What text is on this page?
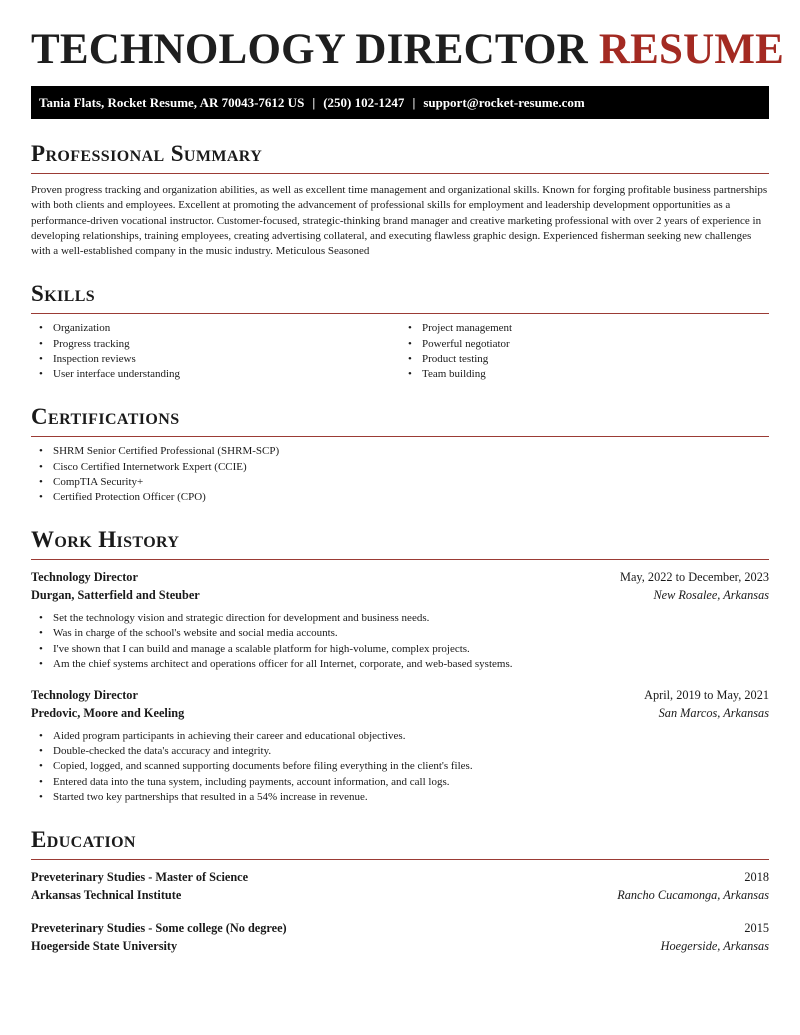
TECHNOLOGY DIRECTOR RESUME
Tania Flats, Rocket Resume, AR 70043-7612 US | (250) 102-1247 | support@rocket-resume.com
Professional Summary

Proven progress tracking and organization abilities, as well as excellent time management and organizational skills. Known for forging profitable business partnerships with both clients and employees. Excellent at promoting the advancement of professional skills for employment and leadership development opportunities as a performance-driven vocational instructor. Customer-focused, strategic-thinking brand manager and creative marketing professional with over 2 years of experience in developing relationships, training employees, creating advertising collateral, and executing flawless graphic design. Experienced fisherman seeking new challenges with a well-established company in the music industry. Meticulous Seasoned

Skills
• Organization
• Progress tracking
• Inspection reviews
• User interface understanding
• Project management
• Powerful negotiator
• Product testing
• Team building
Certifications
• SHRM Senior Certified Professional (SHRM-SCP)
• Cisco Certified Internetwork Expert (CCIE)
• CompTIA Security+
• Certified Protection Officer (CPO)
Work History
Technology Director	May, 2022 to December, 2023
Durgan, Satterfield and Steuber	New Rosalee, Arkansas
• Set the technology vision and strategic direction for development and business needs.
• Was in charge of the school's website and social media accounts.
• I've shown that I can build and manage a scalable platform for high-volume, complex projects.
• Am the chief systems architect and operations officer for all Internet, corporate, and web-based systems.
Technology Director	April, 2019 to May, 2021
Predovic, Moore and Keeling	San Marcos, Arkansas
• Aided program participants in achieving their career and educational objectives.
• Double-checked the data's accuracy and integrity.
• Copied, logged, and scanned supporting documents before filing everything in the client's files.
• Entered data into the tuna system, including payments, account information, and call logs.
• Started two key partnerships that resulted in a 54% increase in revenue.
Education
Preveterinary Studies - Master of Science	2018
Arkansas Technical Institute	Rancho Cucamonga, Arkansas
Preveterinary Studies - Some college (No degree)	2015
Hoegerside State University	Hoegerside, Arkansas
